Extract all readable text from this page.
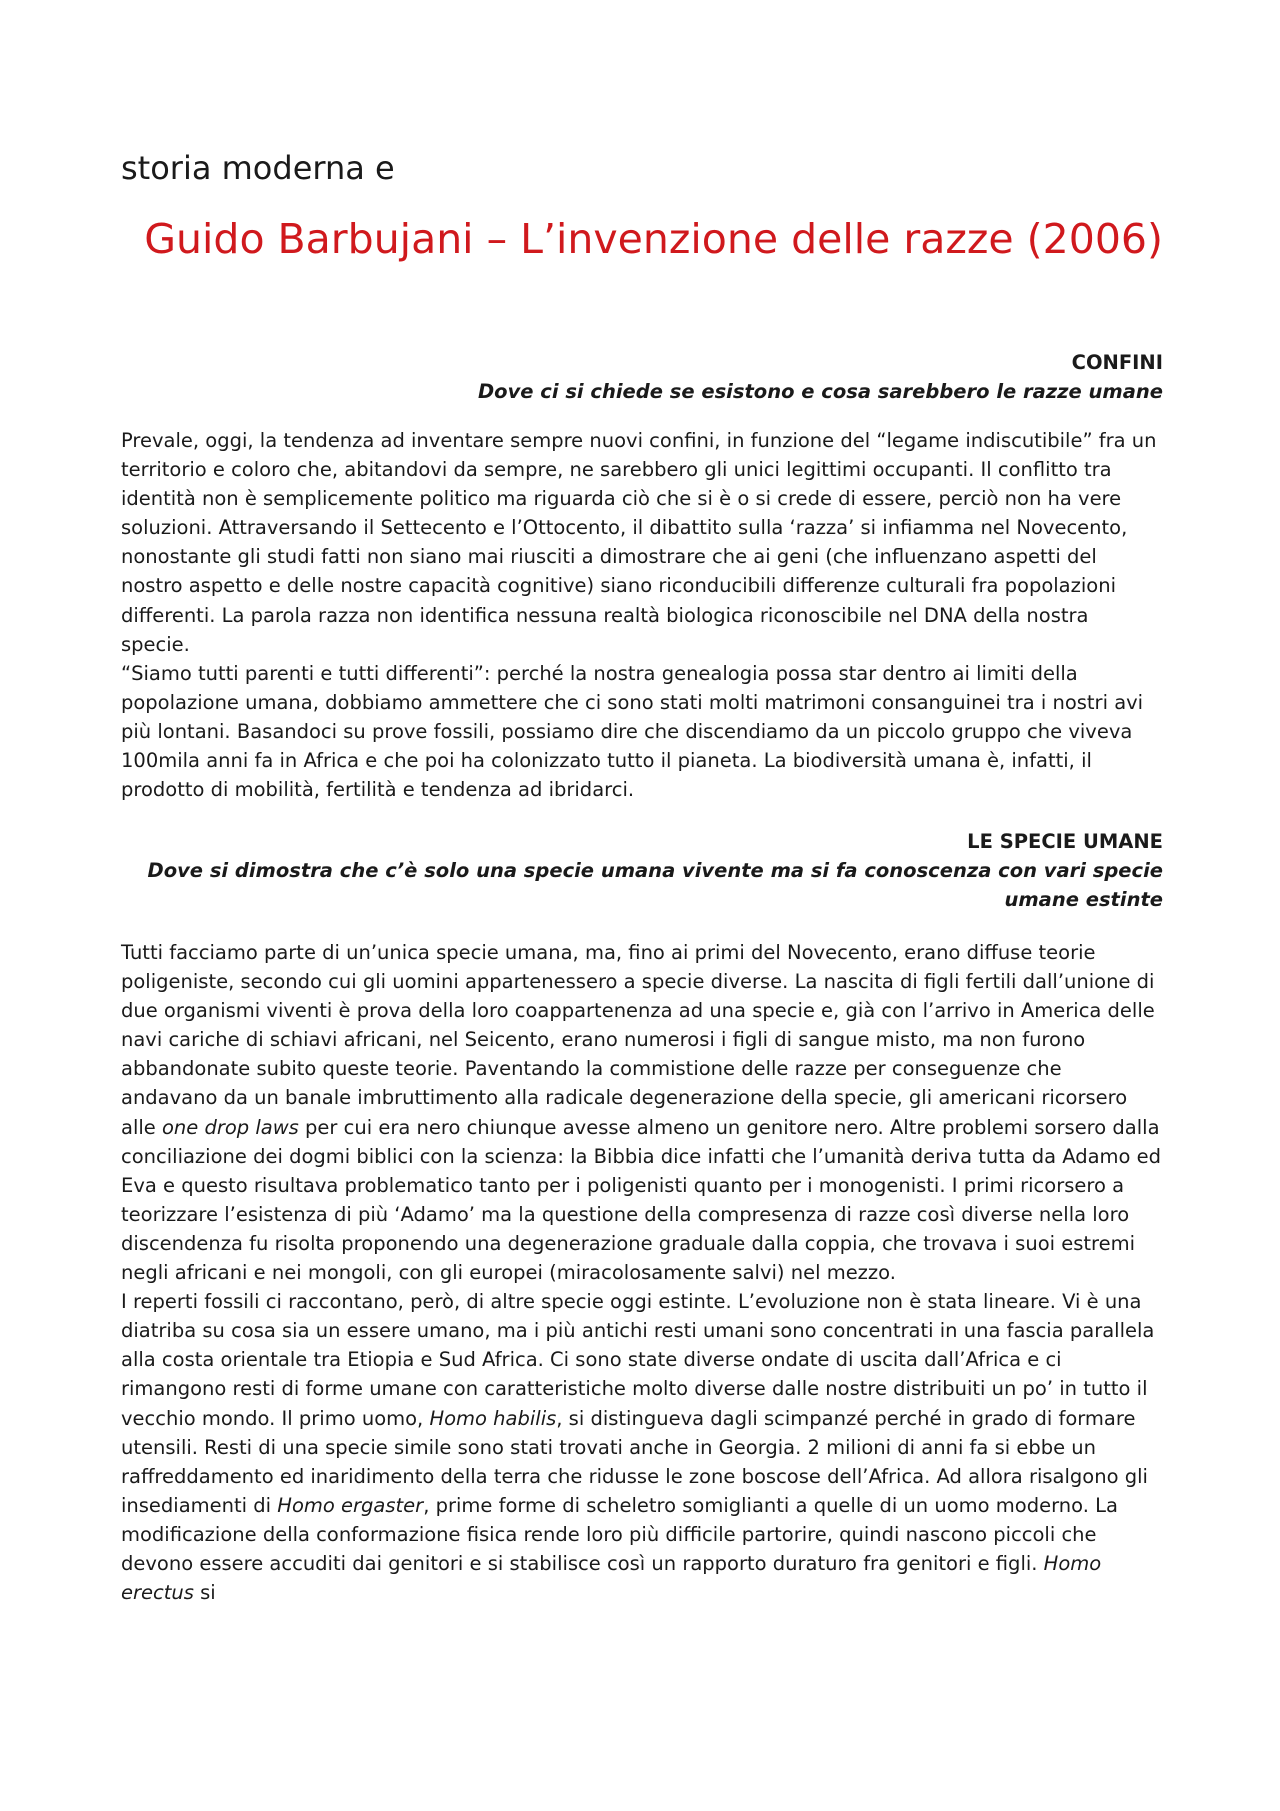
storia moderna e
Guido Barbujani – L’invenzione delle razze (2006)
CONFINI
Dove ci si chiede se esistono e cosa sarebbero le razze umane

Prevale, oggi, la tendenza ad inventare sempre nuovi confini, in funzione del “legame indiscutibile” fra un territorio e coloro che, abitandovi da sempre, ne sarebbero gli unici legittimi occupanti. Il conflitto tra identità non è semplicemente politico ma riguarda ciò che si è o si crede di essere, perciò non ha vere soluzioni. Attraversando il Settecento e l’Ottocento, il dibattito sulla ‘razza’ si infiamma nel Novecento, nonostante gli studi fatti non siano mai riusciti a dimostrare che ai geni (che influenzano aspetti del nostro aspetto e delle nostre capacità cognitive) siano riconducibili differenze culturali fra popolazioni differenti. La parola razza non identifica nessuna realtà biologica riconoscibile nel DNA della nostra specie.

“Siamo tutti parenti e tutti differenti”: perché la nostra genealogia possa star dentro ai limiti della popolazione umana, dobbiamo ammettere che ci sono stati molti matrimoni consanguinei tra i nostri avi più lontani. Basandoci su prove fossili, possiamo dire che discendiamo da un piccolo gruppo che viveva 100mila anni fa in Africa e che poi ha colonizzato tutto il pianeta. La biodiversità umana è, infatti, il prodotto di mobilità, fertilità e tendenza ad ibridarci.

LE SPECIE UMANE
Dove si dimostra che c’è solo una specie umana vivente ma si fa conoscenza con vari specie umane estinte

Tutti facciamo parte di un’unica specie umana, ma, fino ai primi del Novecento, erano diffuse teorie poligeniste, secondo cui gli uomini appartenessero a specie diverse. La nascita di figli fertili dall’unione di due organismi viventi è prova della loro coappartenenza ad una specie e, già con l’arrivo in America delle navi cariche di schiavi africani, nel Seicento, erano numerosi i figli di sangue misto, ma non furono abbandonate subito queste teorie. Paventando la commistione delle razze per conseguenze che andavano da un banale imbruttimento alla radicale degenerazione della specie, gli americani ricorsero alle one drop laws per cui era nero chiunque avesse almeno un genitore nero. Altre problemi sorsero dalla conciliazione dei dogmi biblici con la scienza: la Bibbia dice infatti che l’umanità deriva tutta da Adamo ed Eva e questo risultava problematico tanto per i poligenisti quanto per i monogenisti. I primi ricorsero a teorizzare l’esistenza di più ‘Adamo’ ma la questione della compresenza di razze così diverse nella loro discendenza fu risolta proponendo una degenerazione graduale dalla coppia, che trovava i suoi estremi negli africani e nei mongoli, con gli europei (miracolosamente salvi) nel mezzo.

I reperti fossili ci raccontano, però, di altre specie oggi estinte. L’evoluzione non è stata lineare. Vi è una diatriba su cosa sia un essere umano, ma i più antichi resti umani sono concentrati in una fascia parallela alla costa orientale tra Etiopia e Sud Africa. Ci sono state diverse ondate di uscita dall’Africa e ci rimangono resti di forme umane con caratteristiche molto diverse dalle nostre distribuiti un po’ in tutto il vecchio mondo. Il primo uomo, Homo habilis, si distingueva dagli scimpanzé perché in grado di formare utensili. Resti di una specie simile sono stati trovati anche in Georgia. 2 milioni di anni fa si ebbe un raffreddamento ed inaridimento della terra che ridusse le zone boscose dell’Africa. Ad allora risalgono gli insediamenti di Homo ergaster, prime forme di scheletro somiglianti a quelle di un uomo moderno. La modificazione della conformazione fisica rende loro più difficile partorire, quindi nascono piccoli che devono essere accuditi dai genitori e si stabilisce così un rapporto duraturo fra genitori e figli. Homo erectus si
